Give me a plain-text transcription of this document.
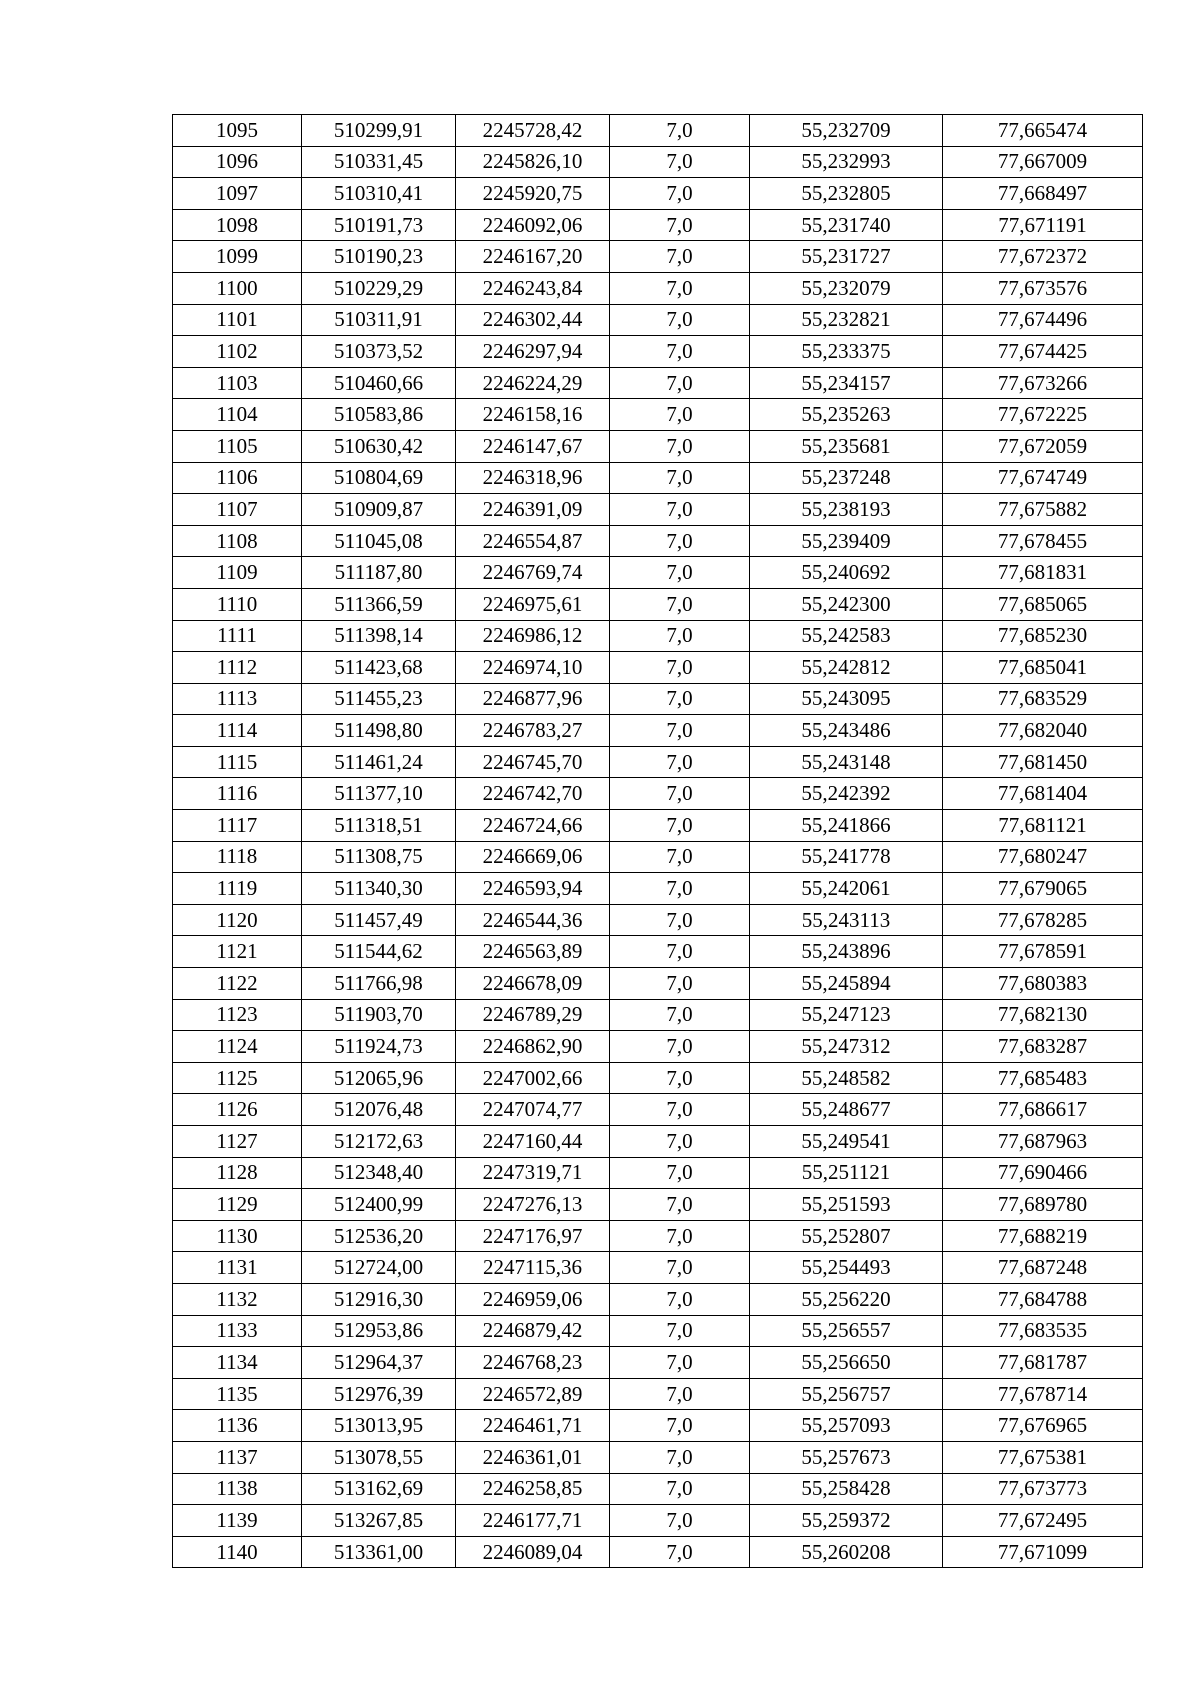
1095	510299,91	2245728,42	7,0	55,232709	77,665474
1096	510331,45	2245826,10	7,0	55,232993	77,667009
1097	510310,41	2245920,75	7,0	55,232805	77,668497
1098	510191,73	2246092,06	7,0	55,231740	77,671191
1099	510190,23	2246167,20	7,0	55,231727	77,672372
1100	510229,29	2246243,84	7,0	55,232079	77,673576
1101	510311,91	2246302,44	7,0	55,232821	77,674496
1102	510373,52	2246297,94	7,0	55,233375	77,674425
1103	510460,66	2246224,29	7,0	55,234157	77,673266
1104	510583,86	2246158,16	7,0	55,235263	77,672225
1105	510630,42	2246147,67	7,0	55,235681	77,672059
1106	510804,69	2246318,96	7,0	55,237248	77,674749
1107	510909,87	2246391,09	7,0	55,238193	77,675882
1108	511045,08	2246554,87	7,0	55,239409	77,678455
1109	511187,80	2246769,74	7,0	55,240692	77,681831
1110	511366,59	2246975,61	7,0	55,242300	77,685065
1111	511398,14	2246986,12	7,0	55,242583	77,685230
1112	511423,68	2246974,10	7,0	55,242812	77,685041
1113	511455,23	2246877,96	7,0	55,243095	77,683529
1114	511498,80	2246783,27	7,0	55,243486	77,682040
1115	511461,24	2246745,70	7,0	55,243148	77,681450
1116	511377,10	2246742,70	7,0	55,242392	77,681404
1117	511318,51	2246724,66	7,0	55,241866	77,681121
1118	511308,75	2246669,06	7,0	55,241778	77,680247
1119	511340,30	2246593,94	7,0	55,242061	77,679065
1120	511457,49	2246544,36	7,0	55,243113	77,678285
1121	511544,62	2246563,89	7,0	55,243896	77,678591
1122	511766,98	2246678,09	7,0	55,245894	77,680383
1123	511903,70	2246789,29	7,0	55,247123	77,682130
1124	511924,73	2246862,90	7,0	55,247312	77,683287
1125	512065,96	2247002,66	7,0	55,248582	77,685483
1126	512076,48	2247074,77	7,0	55,248677	77,686617
1127	512172,63	2247160,44	7,0	55,249541	77,687963
1128	512348,40	2247319,71	7,0	55,251121	77,690466
1129	512400,99	2247276,13	7,0	55,251593	77,689780
1130	512536,20	2247176,97	7,0	55,252807	77,688219
1131	512724,00	2247115,36	7,0	55,254493	77,687248
1132	512916,30	2246959,06	7,0	55,256220	77,684788
1133	512953,86	2246879,42	7,0	55,256557	77,683535
1134	512964,37	2246768,23	7,0	55,256650	77,681787
1135	512976,39	2246572,89	7,0	55,256757	77,678714
1136	513013,95	2246461,71	7,0	55,257093	77,676965
1137	513078,55	2246361,01	7,0	55,257673	77,675381
1138	513162,69	2246258,85	7,0	55,258428	77,673773
1139	513267,85	2246177,71	7,0	55,259372	77,672495
1140	513361,00	2246089,04	7,0	55,260208	77,671099
